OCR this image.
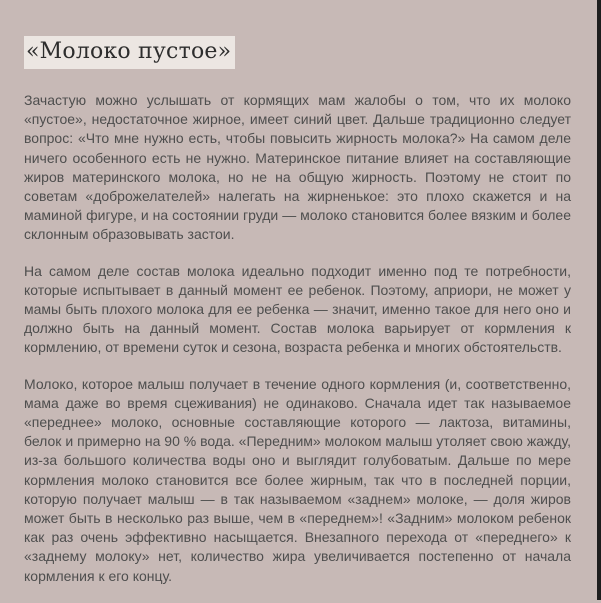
«Молоко пустое»

Зачастую можно услышать от кормящих мам жалобы о том, что их молоко «пустое», недостаточное жирное, имеет синий цвет. Дальше традиционно следует вопрос: «Что мне нужно есть, чтобы повысить жирность молока?» На самом деле ничего особенного есть не нужно. Материнское питание влияет на составляющие жиров материнского молока, но не на общую жирность. Поэтому не стоит по советам «доброжелателей» налегать на жирненькое: это плохо скажется и на маминой фигуре, и на состоянии груди — молоко становится более вязким и более склонным образовывать застои.

На самом деле состав молока идеально подходит именно под те потребности, которые испытывает в данный момент ее ребенок. Поэтому, априори, не может у мамы быть плохого молока для ее ребенка — значит, именно такое для него оно и должно быть на данный момент. Состав молока варьирует от кормления к кормлению, от времени суток и сезона, возраста ребенка и многих обстоятельств.

Молоко, которое малыш получает в течение одного кормления (и, соответственно, мама даже во время сцеживания) не одинаково. Сначала идет так называемое «переднее» молоко, основные составляющие которого — лактоза, витамины, белок и примерно на 90 % вода. «Передним» молоком малыш утоляет свою жажду, из-за большого количества воды оно и выглядит голубоватым. Дальше по мере кормления молоко становится все более жирным, так что в последней порции, которую получает малыш — в так называемом «заднем» молоке, — доля жиров может быть в несколько раз выше, чем в «переднем»! «Задним» молоком ребенок как раз очень эффективно насыщается. Внезапного перехода от «переднего» к «заднему молоку» нет, количество жира увеличивается постепенно от начала кормления к его концу.
